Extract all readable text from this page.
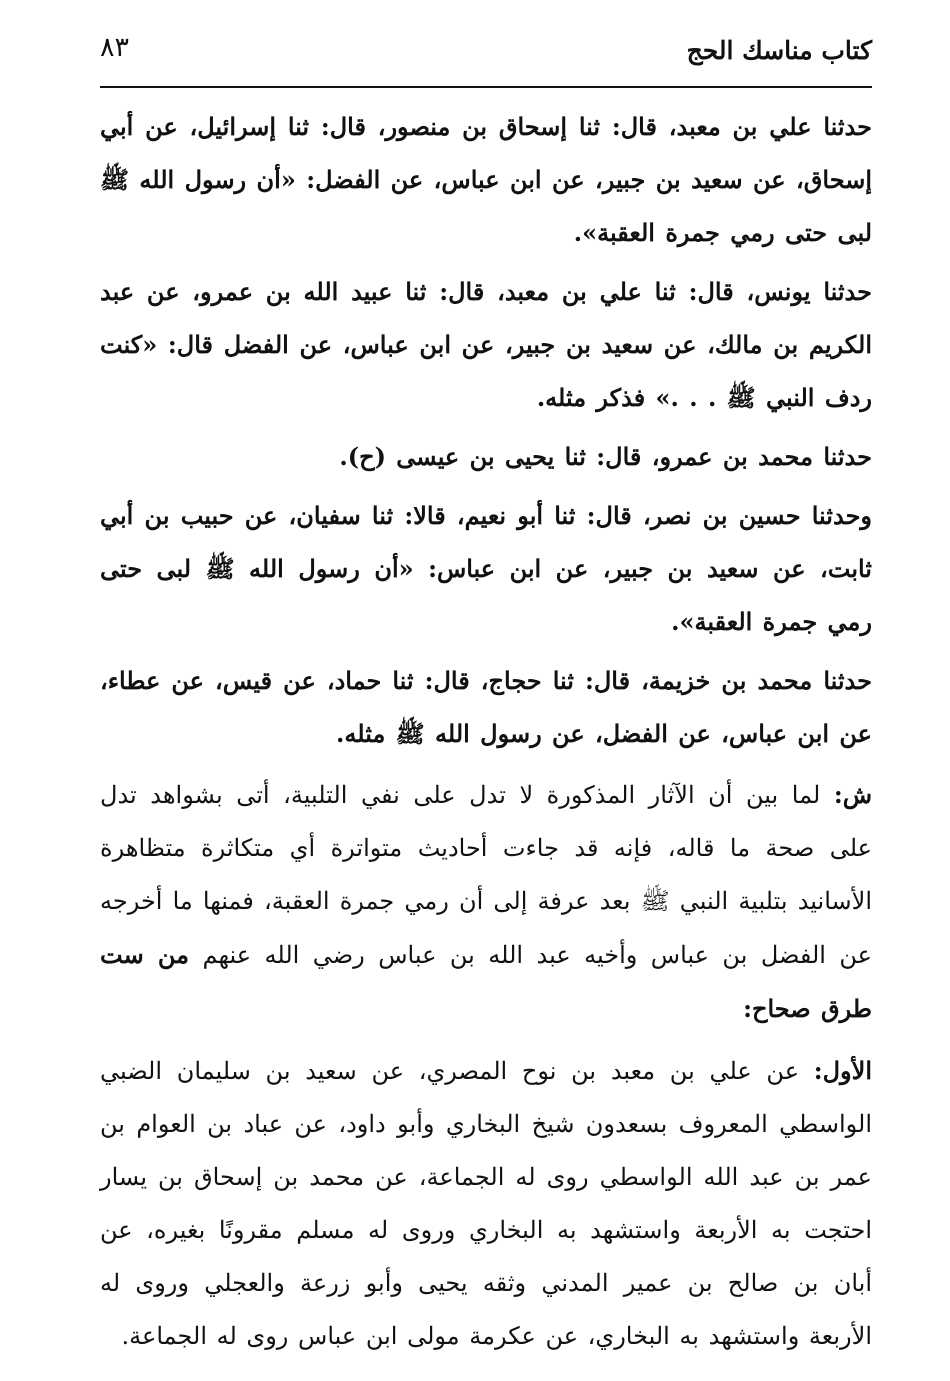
كتاب مناسك الحج
٨٣

حدثنا علي بن معبد، قال: ثنا إسحاق بن منصور، قال: ثنا إسرائيل، عن أبي إسحاق، عن سعيد بن جبير، عن ابن عباس، عن الفضل: «أن رسول الله ﷺ لبى حتى رمي جمرة العقبة».

حدثنا يونس، قال: ثنا علي بن معبد، قال: ثنا عبيد الله بن عمرو، عن عبد الكريم بن مالك، عن سعيد بن جبير، عن ابن عباس، عن الفضل قال: «كنت ردف النبي ﷺ . . .» فذكر مثله.

حدثنا محمد بن عمرو، قال: ثنا يحيى بن عيسى (ح).

وحدثنا حسين بن نصر، قال: ثنا أبو نعيم، قالا: ثنا سفيان، عن حبيب بن أبي ثابت، عن سعيد بن جبير، عن ابن عباس: «أن رسول الله ﷺ لبى حتى رمي جمرة العقبة».

حدثنا محمد بن خزيمة، قال: ثنا حجاج، قال: ثنا حماد، عن قيس، عن عطاء، عن ابن عباس، عن الفضل، عن رسول الله ﷺ مثله.

ش: لما بين أن الآثار المذكورة لا تدل على نفي التلبية، أتى بشواهد تدل على صحة ما قاله، فإنه قد جاءت أحاديث متواترة أي متكاثرة متظاهرة الأسانيد بتلبية النبي ﷺ بعد عرفة إلى أن رمي جمرة العقبة، فمنها ما أخرجه عن الفضل بن عباس وأخيه عبد الله بن عباس رضي الله عنهم من ست طرق صحاح:

الأول: عن علي بن معبد بن نوح المصري، عن سعيد بن سليمان الضبي الواسطي المعروف بسعدون شيخ البخاري وأبو داود، عن عباد بن العوام بن عمر بن عبد الله الواسطي روى له الجماعة، عن محمد بن إسحاق بن يسار احتجت به الأربعة واستشهد به البخاري وروى له مسلم مقرونًا بغيره، عن أبان بن صالح بن عمير المدني وثقه يحيى وأبو زرعة والعجلي وروى له الأربعة واستشهد به البخاري، عن عكرمة مولى ابن عباس روى له الجماعة.
